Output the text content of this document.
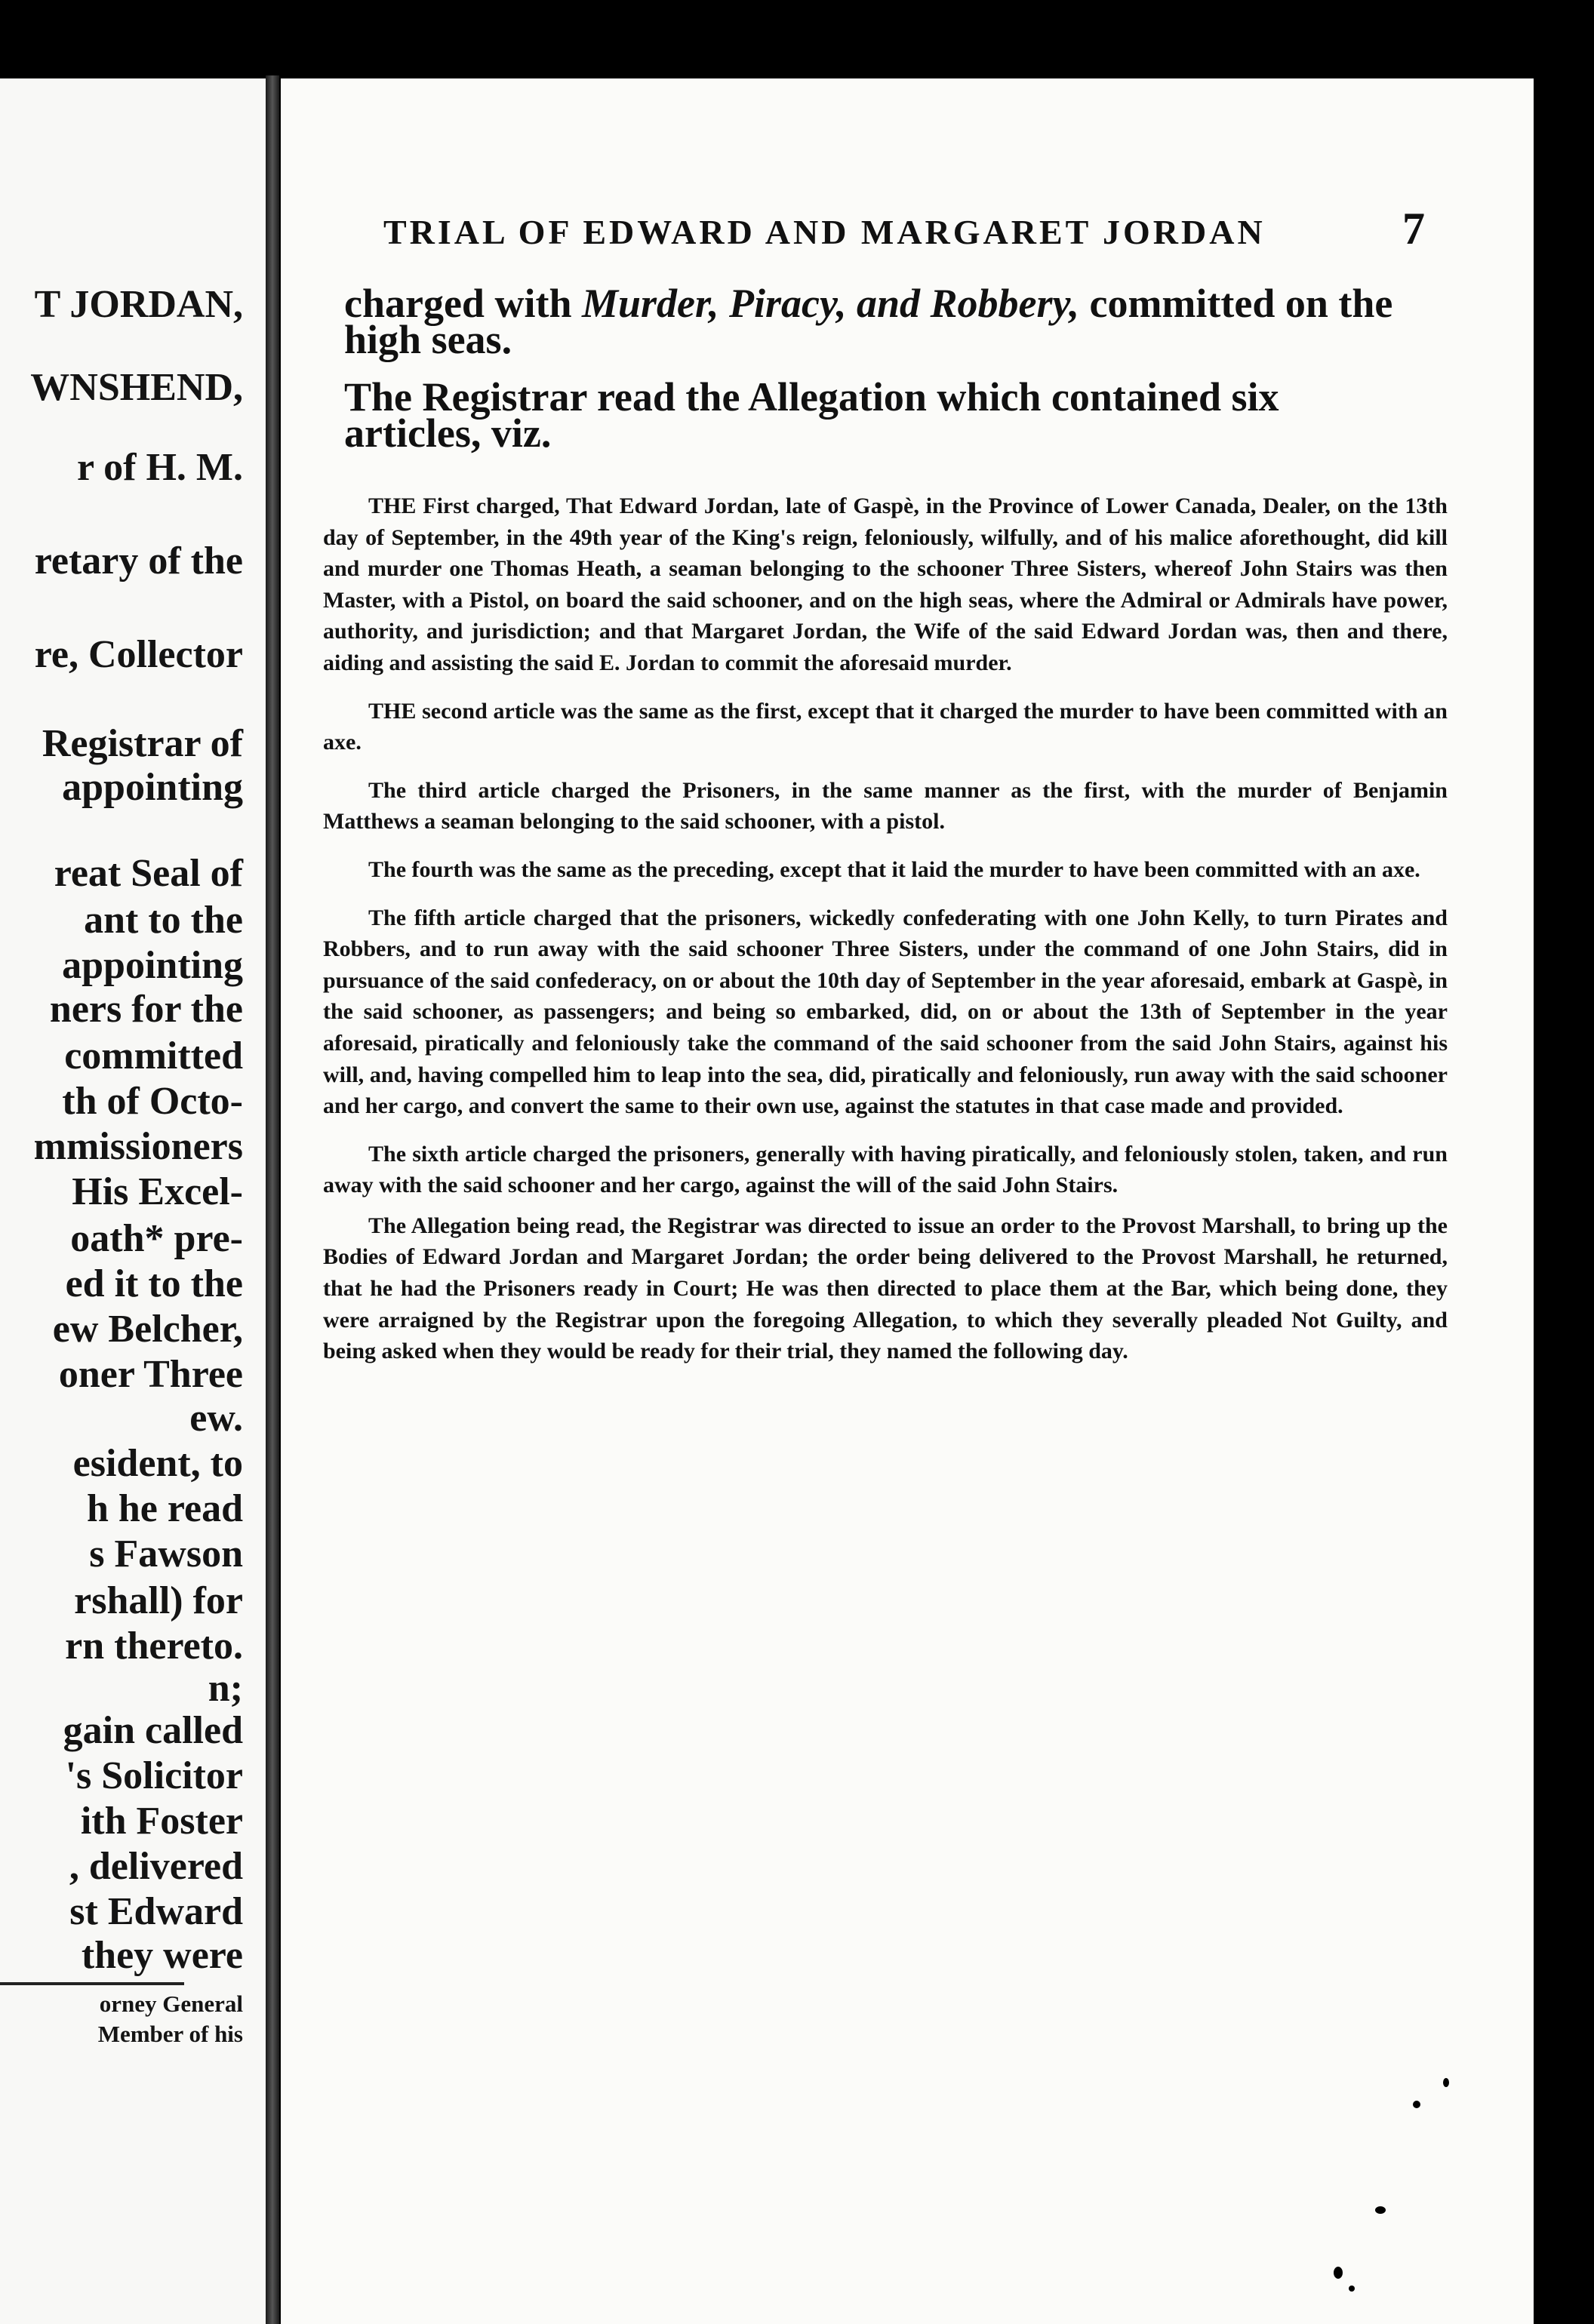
T JORDAN,
WNSHEND,
r of H. M.
retary of the
re, Collector
Registrar of
appointing
reat Seal of
ant to the
appointing
ners for the
committed
th of Octo-
mmissioners
His Excel-
oath* pre-
ed it to the
ew Belcher,
oner Three
ew.
esident, to
h he read
s Fawson
rshall) for
rn thereto.
n;
gain called
's Solicitor
ith Foster
, delivered
st Edward
they were
orney General
Member of his
TRIAL OF EDWARD AND MARGARET JORDAN	7
charged with Murder, Piracy, and Robbery, committed on the high seas.
The Registrar read the Allegation which contained six articles, viz.

THE First charged, That Edward Jordan, late of Gaspè, in the Province of Lower Canada, Dealer, on the 13th day of September, in the 49th year of the King's reign, feloniously, wilfully, and of his malice aforethought, did kill and murder one Thomas Heath, a seaman belonging to the schooner Three Sisters, whereof John Stairs was then Master, with a Pistol, on board the said schooner, and on the high seas, where the Admiral or Admirals have power, authority, and jurisdiction; and that Margaret Jordan, the Wife of the said Edward Jordan was, then and there, aiding and assisting the said E. Jordan to commit the aforesaid murder.

THE second article was the same as the first, except that it charged the murder to have been committed with an axe.

The third article charged the Prisoners, in the same manner as the first, with the murder of Benjamin Matthews a seaman belonging to the said schooner, with a pistol.

The fourth was the same as the preceding, except that it laid the murder to have been committed with an axe.

The fifth article charged that the prisoners, wickedly confederating with one John Kelly, to turn Pirates and Robbers, and to run away with the said schooner Three Sisters, under the command of one John Stairs, did in pursuance of the said confederacy, on or about the 10th day of September in the year aforesaid, embark at Gaspè, in the said schooner, as passengers; and being so embarked, did, on or about the 13th of September in the year aforesaid, piratically and feloniously take the command of the said schooner from the said John Stairs, against his will, and, having compelled him to leap into the sea, did, piratically and feloniously, run away with the said schooner and her cargo, and convert the same to their own use, against the statutes in that case made and provided.

The sixth article charged the prisoners, generally with having piratically, and feloniously stolen, taken, and run away with the said schooner and her cargo, against the will of the said John Stairs.

The Allegation being read, the Registrar was directed to issue an order to the Provost Marshall, to bring up the Bodies of Edward Jordan and Margaret Jordan; the order being delivered to the Provost Marshall, he returned, that he had the Prisoners ready in Court; He was then directed to place them at the Bar, which being done, they were arraigned by the Registrar upon the foregoing Allegation, to which they severally pleaded Not Guilty, and being asked when they would be ready for their trial, they named the following day.
